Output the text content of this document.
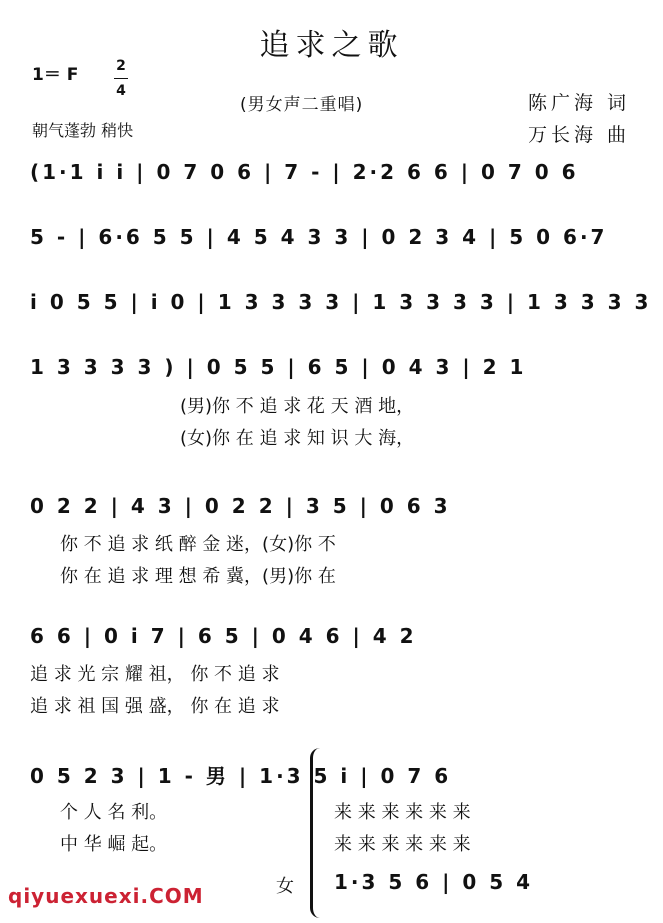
追求之歌
1＝ F	2
4
(男女声二重唱)
朝气蓬勃 稍快
陈广海 词
万长海 曲
(1·1 i i | 0 7 0 6 | 7 - | 2·2 6 6 | 0 7 0 6
5 - | 6·6 5 5 | 4 5 4 3 3 | 0 2 3 4 | 5 0 6·7
i 0 5 5 | i 0 | 1 3 3 3 3 | 1 3 3 3 3 | 1 3 3 3 3
1 3 3 3 3 ) | 0 5 5 | 6 5 | 0 4 3 | 2 1
(男)你 不 追 求 花 天 酒 地，
(女)你 在 追 求 知 识 大 海，
0 2 2 | 4 3 | 0 2 2 | 3 5 | 0 6 3
你 不 追 求 纸 醉 金 迷，(女)你 不
你 在 追 求 理 想 希 冀，(男)你 在
6 6 | 0 i 7 | 6 5 | 0 4 6 | 4 2
追 求 光 宗 耀 祖， 你 不 追 求
追 求 祖 国 强 盛， 你 在 追 求
0 5 2 3 | 1 - 男 | 1·3 5 i | 0 7 6
个 人 名 利。
中 华 崛 起。
来 来 来 来 来 来
来 来 来 来 来 来
女 1·3 5 6 | 0 5 4
qiyuexuexi.COM
